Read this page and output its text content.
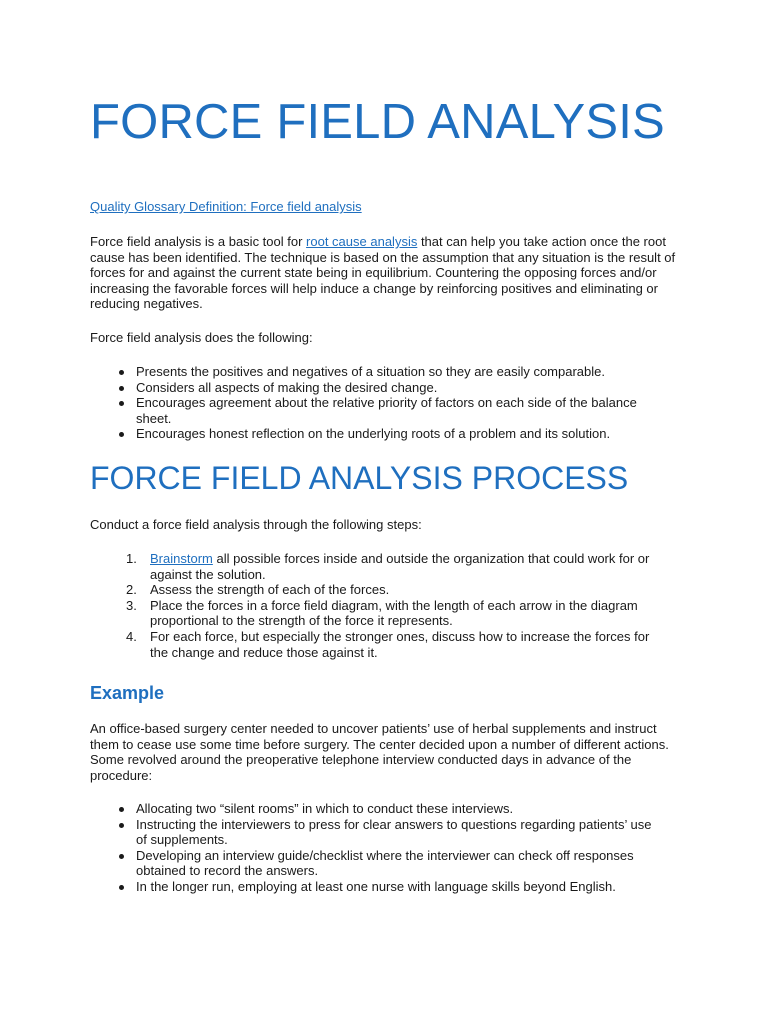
FORCE FIELD ANALYSIS
Quality Glossary Definition: Force field analysis

Force field analysis is a basic tool for root cause analysis that can help you take action once the root cause has been identified. The technique is based on the assumption that any situation is the result of forces for and against the current state being in equilibrium. Countering the opposing forces and/or increasing the favorable forces will help induce a change by reinforcing positives and eliminating or reducing negatives.

Force field analysis does the following:

Presents the positives and negatives of a situation so they are easily comparable.
Considers all aspects of making the desired change.
Encourages agreement about the relative priority of factors on each side of the balance sheet.
Encourages honest reflection on the underlying roots of a problem and its solution.
FORCE FIELD ANALYSIS PROCESS

Conduct a force field analysis through the following steps:

1. Brainstorm all possible forces inside and outside the organization that could work for or against the solution.
2. Assess the strength of each of the forces.
3. Place the forces in a force field diagram, with the length of each arrow in the diagram proportional to the strength of the force it represents.
4. For each force, but especially the stronger ones, discuss how to increase the forces for the change and reduce those against it.
Example

An office-based surgery center needed to uncover patients’ use of herbal supplements and instruct them to cease use some time before surgery. The center decided upon a number of different actions. Some revolved around the preoperative telephone interview conducted days in advance of the procedure:

Allocating two “silent rooms” in which to conduct these interviews.
Instructing the interviewers to press for clear answers to questions regarding patients’ use of supplements.
Developing an interview guide/checklist where the interviewer can check off responses obtained to record the answers.
In the longer run, employing at least one nurse with language skills beyond English.
